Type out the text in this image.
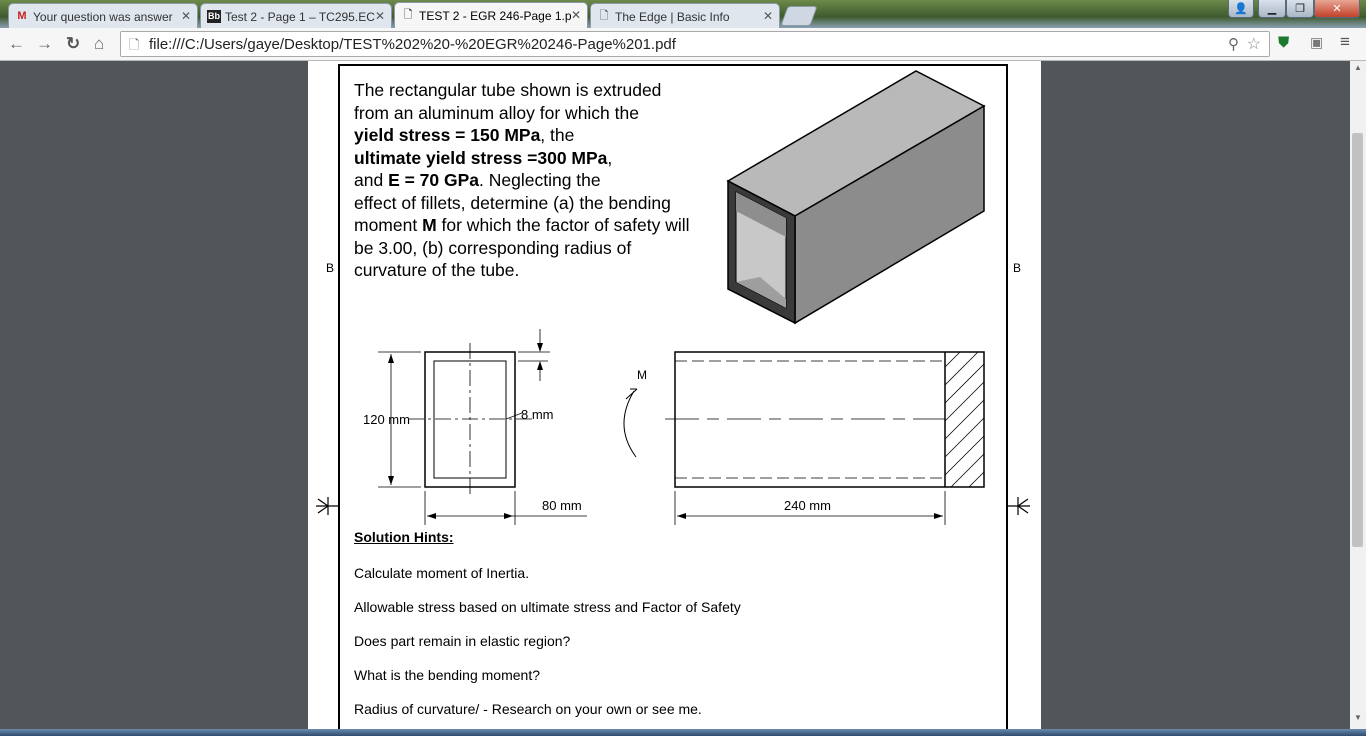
M Your question was answer ✕ Bb Test 2 - Page 1 – TC295.EC ✕ 🗋 TEST 2 - EGR 246-Page 1.p ✕ 🗋 The Edge | Basic Info	✕	👤	▁	❐	✕
← → ↻ ⌂ 🗋 file:///C:/Users/gaye/Desktop/TEST%202%20-%20EGR%20246-Page%201.pdf	⚲ ☆ ⛊ ▣ ≡
B	B
The rectangular tube shown is extruded
from an aluminum alloy for which the
yield stress = 150 MPa, the
ultimate yield stress =300 MPa,
and E = 70 GPa. Neglecting the
effect of fillets, determine (a) the bending
moment M for which the factor of safety will
be 3.00, (b) corresponding radius of
curvature of the tube.
120 mm	8 mm
80 mm	240 mm
M
Solution Hints:
Calculate moment of Inertia.
Allowable stress based on ultimate stress and Factor of Safety
Does part remain in elastic region?
What is the bending moment?
Radius of curvature/ - Research on your own or see me.
▲
▼
